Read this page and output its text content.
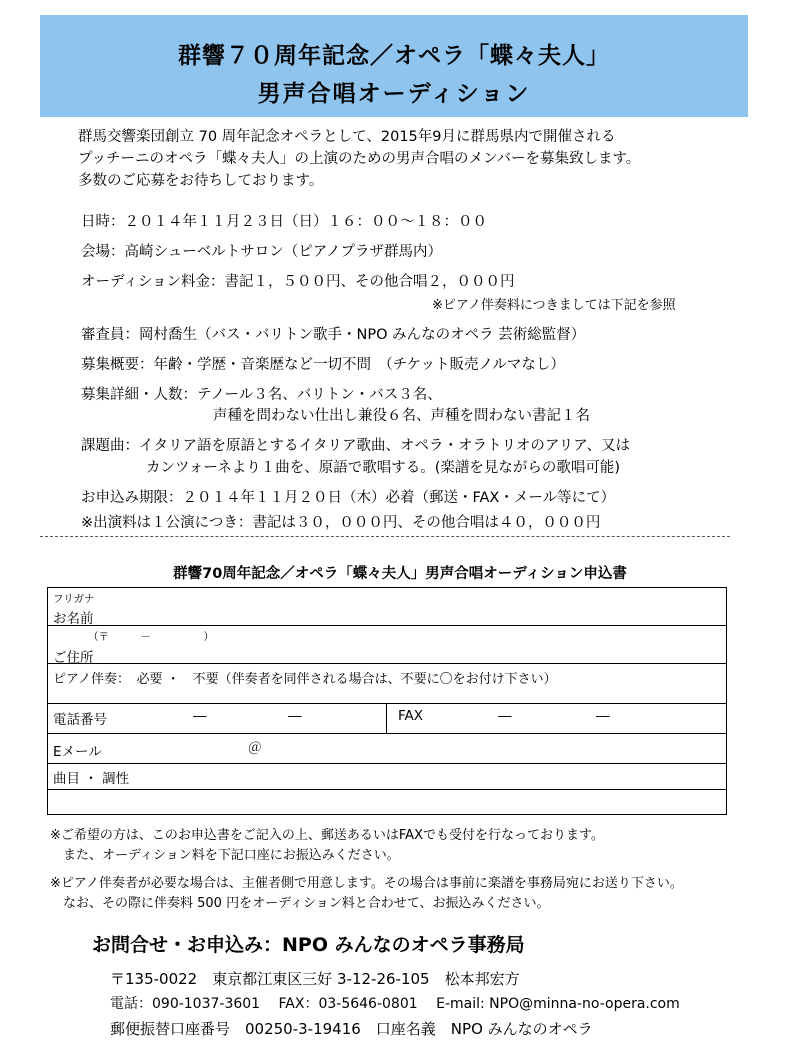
群響７０周年記念／オペラ「蝶々夫人」
男声合唱オーディション
群馬交響楽団創立 70 周年記念オペラとして、2015年9月に群馬県内で開催される
プッチーニのオペラ「蝶々夫人」の上演のための男声合唱のメンバーを募集致します。
多数のご応募をお待ちしております。
日時：２０１４年１１月２３日（日）１６：００～１８：００
会場：高崎シューベルトサロン（ピアノプラザ群馬内）
オーディション料金：書記１，５００円、その他合唱２，０００円
※ピアノ伴奏料につきましては下記を参照
審査員：岡村喬生（バス・バリトン歌手・NPO みんなのオペラ 芸術総監督）
募集概要：年齢・学歴・音楽歴など一切不問　（チケット販売ノルマなし）
募集詳細・人数：テノール３名、バリトン・バス３名、
声種を問わない仕出し兼役６名、声種を問わない書記１名
課題曲：イタリア語を原語とするイタリア歌曲、オペラ・オラトリオのアリア、又は
カンツォーネより１曲を、原語で歌唱する。(楽譜を見ながらの歌唱可能)
お申込み期限：２０１４年１１月２０日（木）必着（郵送・FAX・メール等にて）
※出演料は１公演につき：書記は３０，０００円、その他合唱は４０，０００円
群響70周年記念／オペラ「蝶々夫人」男声合唱オーディション申込書
フリガナ
お名前
（〒　　　－　　　　　）
ご住所
ピアノ伴奏：　必要 ・　不要（伴奏者を同伴される場合は、不要に〇をお付け下さい）
電話番号	―	―	FAX	―	―
Eメール	＠
曲目 ・ 調性
※ご希望の方は、このお申込書をご記入の上、郵送あるいはFAXでも受付を行なっております。
また、オーディション料を下記口座にお振込みください。
※ピアノ伴奏者が必要な場合は、主催者側で用意します。その場合は事前に楽譜を事務局宛にお送り下さい。
なお、その際に伴奏料 500 円をオーディション料と合わせて、お振込みください。
お問合せ・お申込み：NPO みんなのオペラ事務局
〒135-0022　東京都江東区三好 3-12-26-105　松本邦宏方
電話：090-1037-3601　 FAX：03-5646-0801　 E-mail: NPO@minna-no-opera.com
郵便振替口座番号　00250-3-19416　口座名義　NPO みんなのオペラ
